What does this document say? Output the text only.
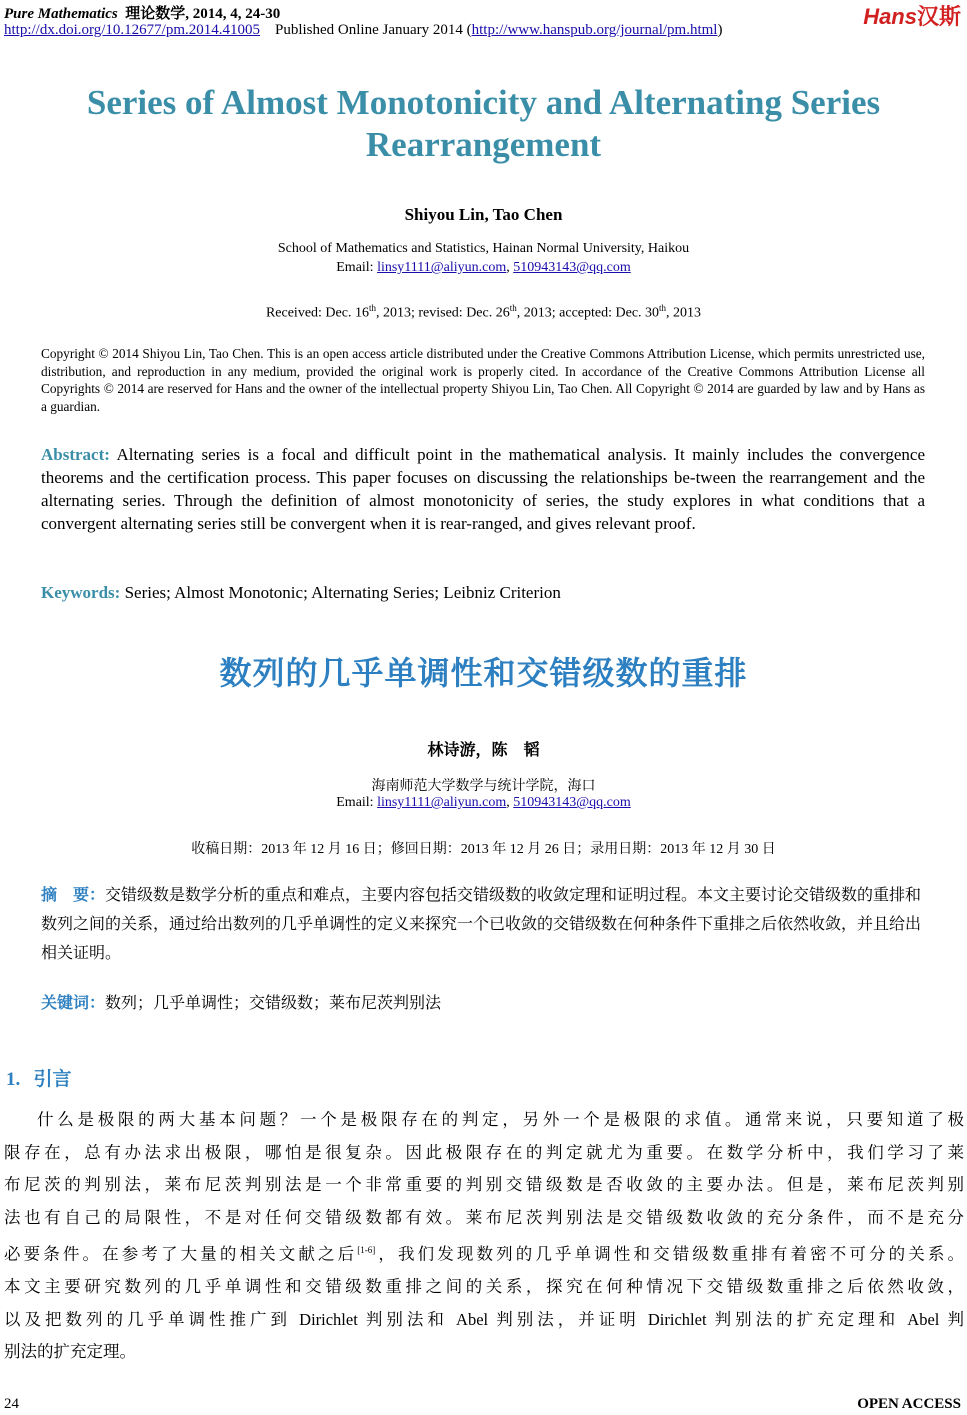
Pure Mathematics 理论数学, 2014, 4, 24-30
http://dx.doi.org/10.12677/pm.2014.41005 Published Online January 2014 (http://www.hanspub.org/journal/pm.html)
Hans汉斯
Series of Almost Monotonicity and Alternating Series
Rearrangement
Shiyou Lin, Tao Chen
School of Mathematics and Statistics, Hainan Normal University, Haikou
Email: linsy1111@aliyun.com, 510943143@qq.com
Received: Dec. 16th, 2013; revised: Dec. 26th, 2013; accepted: Dec. 30th, 2013
Copyright © 2014 Shiyou Lin, Tao Chen. This is an open access article distributed under the Creative Commons Attribution License, which permits unrestricted use, distribution, and reproduction in any medium, provided the original work is properly cited. In accordance of the Creative Commons Attribution License all Copyrights © 2014 are reserved for Hans and the owner of the intellectual property Shiyou Lin, Tao Chen. All Copyright © 2014 are guarded by law and by Hans as a guardian.
Abstract: Alternating series is a focal and difficult point in the mathematical analysis. It mainly includes the convergence theorems and the certification process. This paper focuses on discussing the relationships be-tween the rearrangement and the alternating series. Through the definition of almost monotonicity of series, the study explores in what conditions that a convergent alternating series still be convergent when it is rear-ranged, and gives relevant proof.
Keywords: Series; Almost Monotonic; Alternating Series; Leibniz Criterion
数列的几乎单调性和交错级数的重排
林诗游，陈　韬
海南师范大学数学与统计学院，海口
Email: linsy1111@aliyun.com, 510943143@qq.com
收稿日期：2013 年 12 月 16 日；修回日期：2013 年 12 月 26 日；录用日期：2013 年 12 月 30 日
摘　要：交错级数是数学分析的重点和难点，主要内容包括交错级数的收敛定理和证明过程。本文主要讨论交错级数的重排和数列之间的关系，通过给出数列的几乎单调性的定义来探究一个已收敛的交错级数在何种条件下重排之后依然收敛，并且给出相关证明。
关键词：数列；几乎单调性；交错级数；莱布尼茨判别法
1. 引言
什么是极限的两大基本问题？一个是极限存在的判定，另外一个是极限的求值。通常来说，只要知道了极
限存在，总有办法求出极限，哪怕是很复杂。因此极限存在的判定就尤为重要。在数学分析中，我们学习了莱
布尼茨的判别法，莱布尼茨判别法是一个非常重要的判别交错级数是否收敛的主要办法。但是，莱布尼茨判别
法也有自己的局限性，不是对任何交错级数都有效。莱布尼茨判别法是交错级数收敛的充分条件，而不是充分
必要条件。在参考了大量的相关文献之后[1-6]，我们发现数列的几乎单调性和交错级数重排有着密不可分的关系。
本文主要研究数列的几乎单调性和交错级数重排之间的关系，探究在何种情况下交错级数重排之后依然收敛，
以及把数列的几乎单调性推广到 Dirichlet 判别法和 Abel 判别法，并证明 Dirichlet 判别法的扩充定理和 Abel 判
别法的扩充定理。
24	OPEN ACCESS
